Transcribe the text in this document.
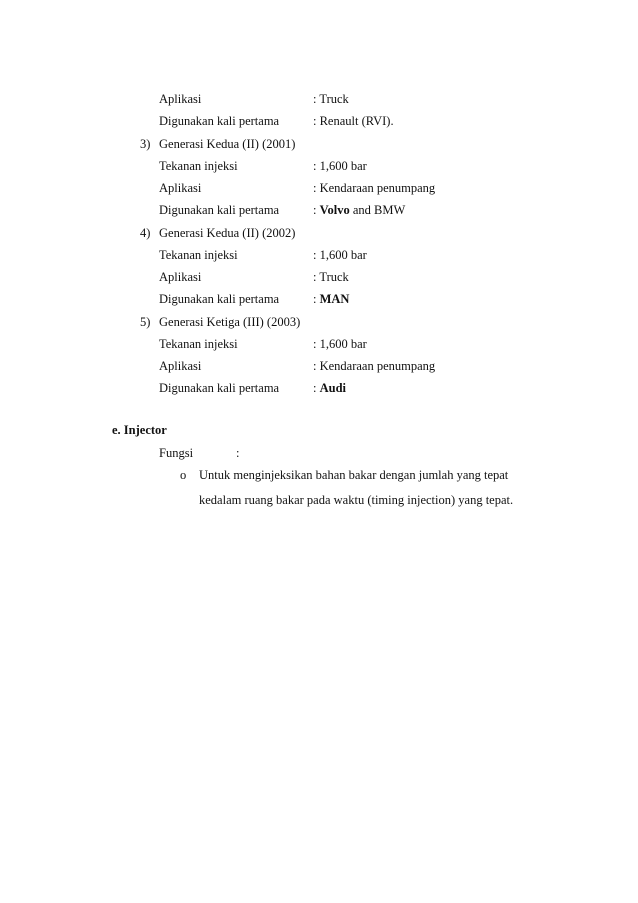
Aplikasi	: Truck
Digunakan kali pertama	: Renault (RVI).
3) Generasi Kedua (II) (2001)
Tekanan injeksi	: 1,600 bar
Aplikasi	: Kendaraan penumpang
Digunakan kali pertama	: Volvo and BMW
4) Generasi Kedua (II) (2002)
Tekanan injeksi	: 1,600 bar
Aplikasi	: Truck
Digunakan kali pertama	: MAN
5) Generasi Ketiga (III) (2003)
Tekanan injeksi	: 1,600 bar
Aplikasi	: Kendaraan penumpang
Digunakan kali pertama	: Audi
e. Injector
Fungsi	:
o Untuk menginjeksikan bahan bakar dengan jumlah yang tepat
kedalam ruang bakar pada waktu (timing injection) yang tepat.
